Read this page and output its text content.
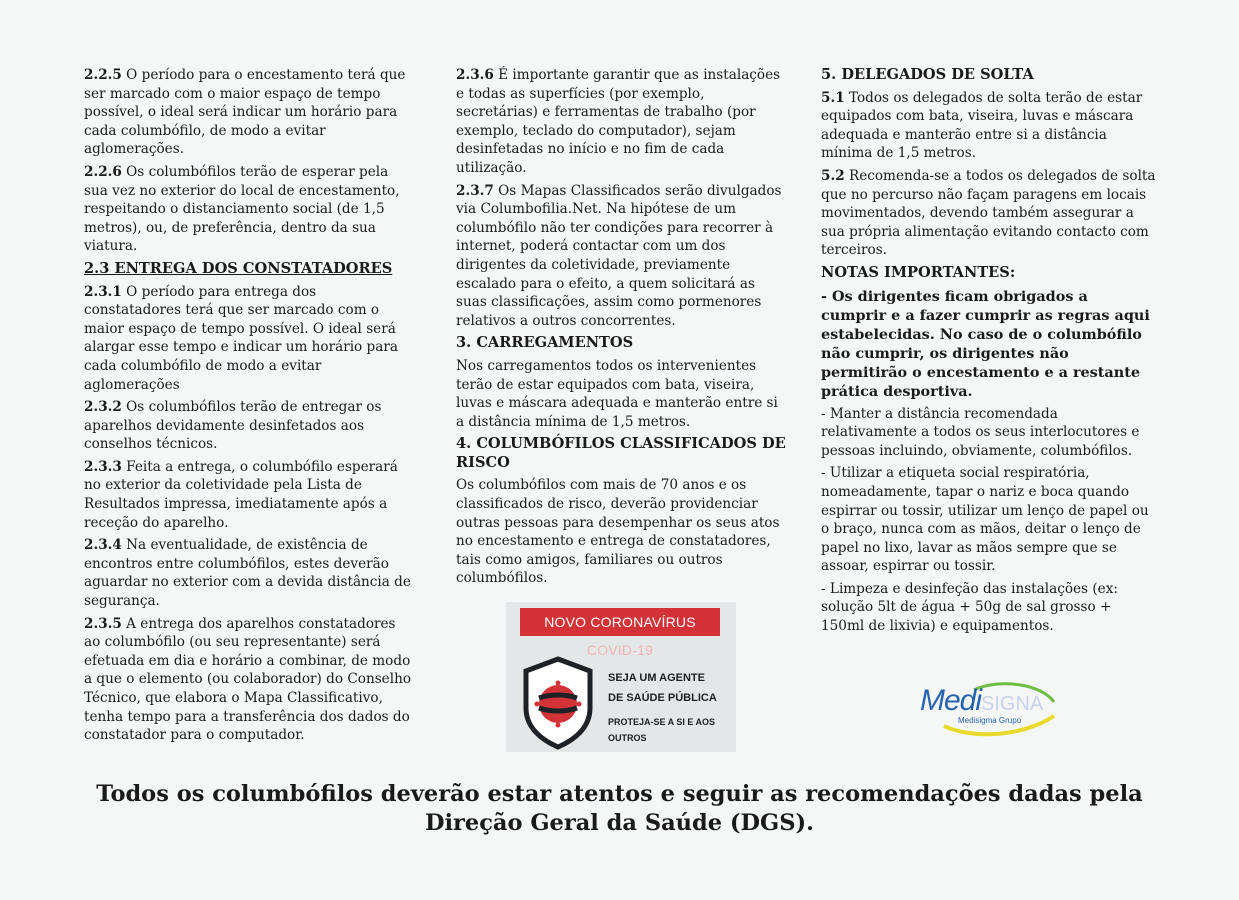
2.2.5 O período para o encestamento terá que ser marcado com o maior espaço de tempo possível, o ideal será indicar um horário para cada columbófilo, de modo a evitar aglomerações.

2.2.6 Os columbófilos terão de esperar pela sua vez no exterior do local de encestamento, respeitando o distanciamento social (de 1,5 metros), ou, de preferência, dentro da sua viatura.

2.3 ENTREGA DOS CONSTATADORES

2.3.1 O período para entrega dos constatadores terá que ser marcado com o maior espaço de tempo possível. O ideal será alargar esse tempo e indicar um horário para cada columbófilo de modo a evitar aglomerações

2.3.2 Os columbófilos terão de entregar os aparelhos devidamente desinfetados aos conselhos técnicos.

2.3.3 Feita a entrega, o columbófilo esperará no exterior da coletividade pela Lista de Resultados impressa, imediatamente após a receção do aparelho.

2.3.4 Na eventualidade, de existência de encontros entre columbófilos, estes deverão aguardar no exterior com a devida distância de segurança.

2.3.5 A entrega dos aparelhos constatadores ao columbófilo (ou seu representante) será efetuada em dia e horário a combinar, de modo a que o elemento (ou colaborador) do Conselho Técnico, que elabora o Mapa Classificativo, tenha tempo para a transferência dos dados do constatador para o computador.

2.3.6 É importante garantir que as instalações e todas as superfícies (por exemplo, secretárias) e ferramentas de trabalho (por exemplo, teclado do computador), sejam desinfetadas no início e no fim de cada utilização.

2.3.7 Os Mapas Classificados serão divulgados via Columbofilia.Net. Na hipótese de um columbófilo não ter condições para recorrer à internet, poderá contactar com um dos dirigentes da coletividade, previamente escalado para o efeito, a quem solicitará as suas classificações, assim como pormenores relativos a outros concorrentes.

3. CARREGAMENTOS

Nos carregamentos todos os intervenientes terão de estar equipados com bata, viseira, luvas e máscara adequada e manterão entre si a distância mínima de 1,5 metros.

4. COLUMBÓFILOS CLASSIFICADOS DE RISCO

Os columbófilos com mais de 70 anos e os classificados de risco, deverão providenciar outras pessoas para desempenhar os seus atos no encestamento e entrega de constatadores, tais como amigos, familiares ou outros columbófilos.

5. DELEGADOS DE SOLTA

5.1 Todos os delegados de solta terão de estar equipados com bata, viseira, luvas e máscara adequada e manterão entre si a distância mínima de 1,5 metros.

5.2 Recomenda-se a todos os delegados de solta que no percurso não façam paragens em locais movimentados, devendo também assegurar a sua própria alimentação evitando contacto com terceiros.

NOTAS IMPORTANTES:

- Os dirigentes ficam obrigados a cumprir e a fazer cumprir as regras aqui estabelecidas. No caso de o columbófilo não cumprir, os dirigentes não permitirão o encestamento e a restante prática desportiva.

- Manter a distância recomendada relativamente a todos os seus interlocutores e pessoas incluindo, obviamente, columbófilos.

- Utilizar a etiqueta social respiratória, nomeadamente, tapar o nariz e boca quando espirrar ou tossir, utilizar um lenço de papel ou o braço, nunca com as mãos, deitar o lenço de papel no lixo, lavar as mãos sempre que se assoar, espirrar ou tossir.

- Limpeza e desinfeção das instalações (ex: solução 5lt de água + 50g de sal grosso + 150ml de lixivia) e equipamentos.

NOVO CORONAVÍRUS COVID-19
SEJA UM AGENTE
DE SAÚDE PÚBLICA
PROTEJA-SE A SI E AOS
OUTROS
MediSIGNA
Medisigma Grupo
Todos os columbófilos deverão estar atentos e seguir as recomendações dadas pela
Direção Geral da Saúde (DGS).
